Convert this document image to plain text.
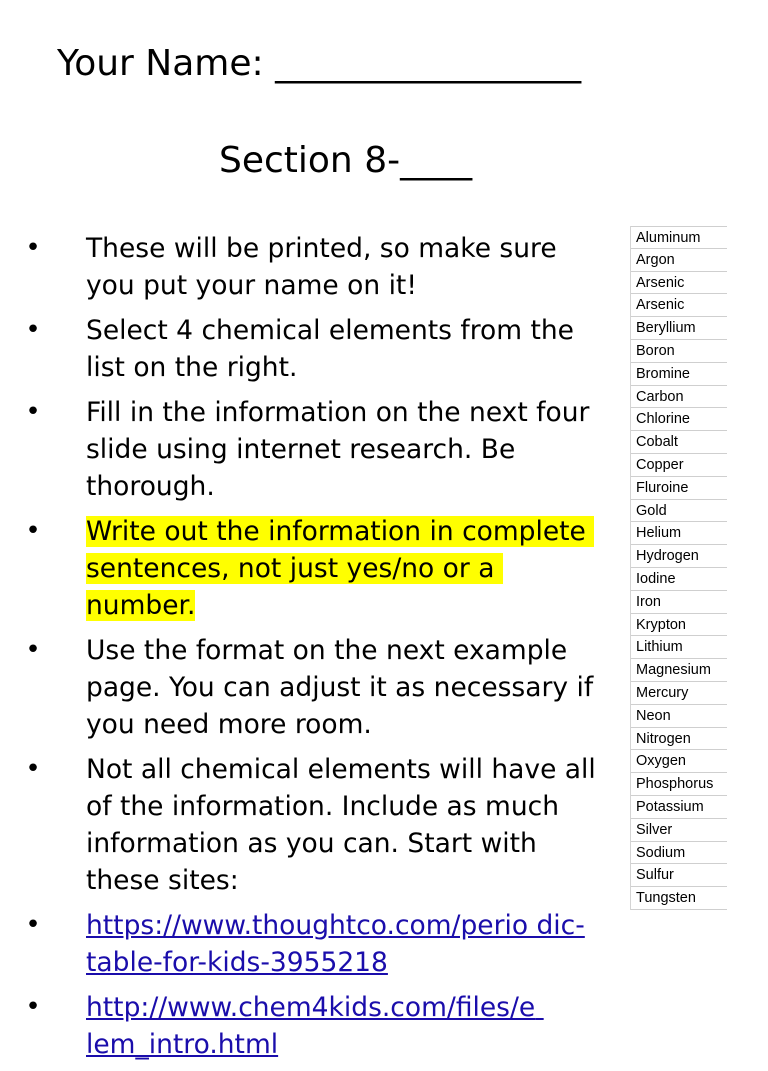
Your Name: _________________
Section 8-____
• These will be printed, so make sure you put your name on it!
• Select 4 chemical elements from the list on the right.
• Fill in the information on the next four slide using internet research. Be thorough.
• Write out the information in complete sentences, not just yes/no or a number.
• Use the format on the next example page. You can adjust it as necessary if you need more room.
• Not all chemical elements will have all of the information. Include as much information as you can. Start with these sites:
• https://www.thoughtco.com/perio dic-table-for-kids-3955218
• http://www.chem4kids.com/files/e lem_intro.html
Aluminum
Argon
Arsenic
Arsenic
Beryllium
Boron
Bromine
Carbon
Chlorine
Cobalt
Copper
Fluroine
Gold
Helium
Hydrogen
Iodine
Iron
Krypton
Lithium
Magnesium
Mercury
Neon
Nitrogen
Oxygen
Phosphorus
Potassium
Silver
Sodium
Sulfur
Tungsten
